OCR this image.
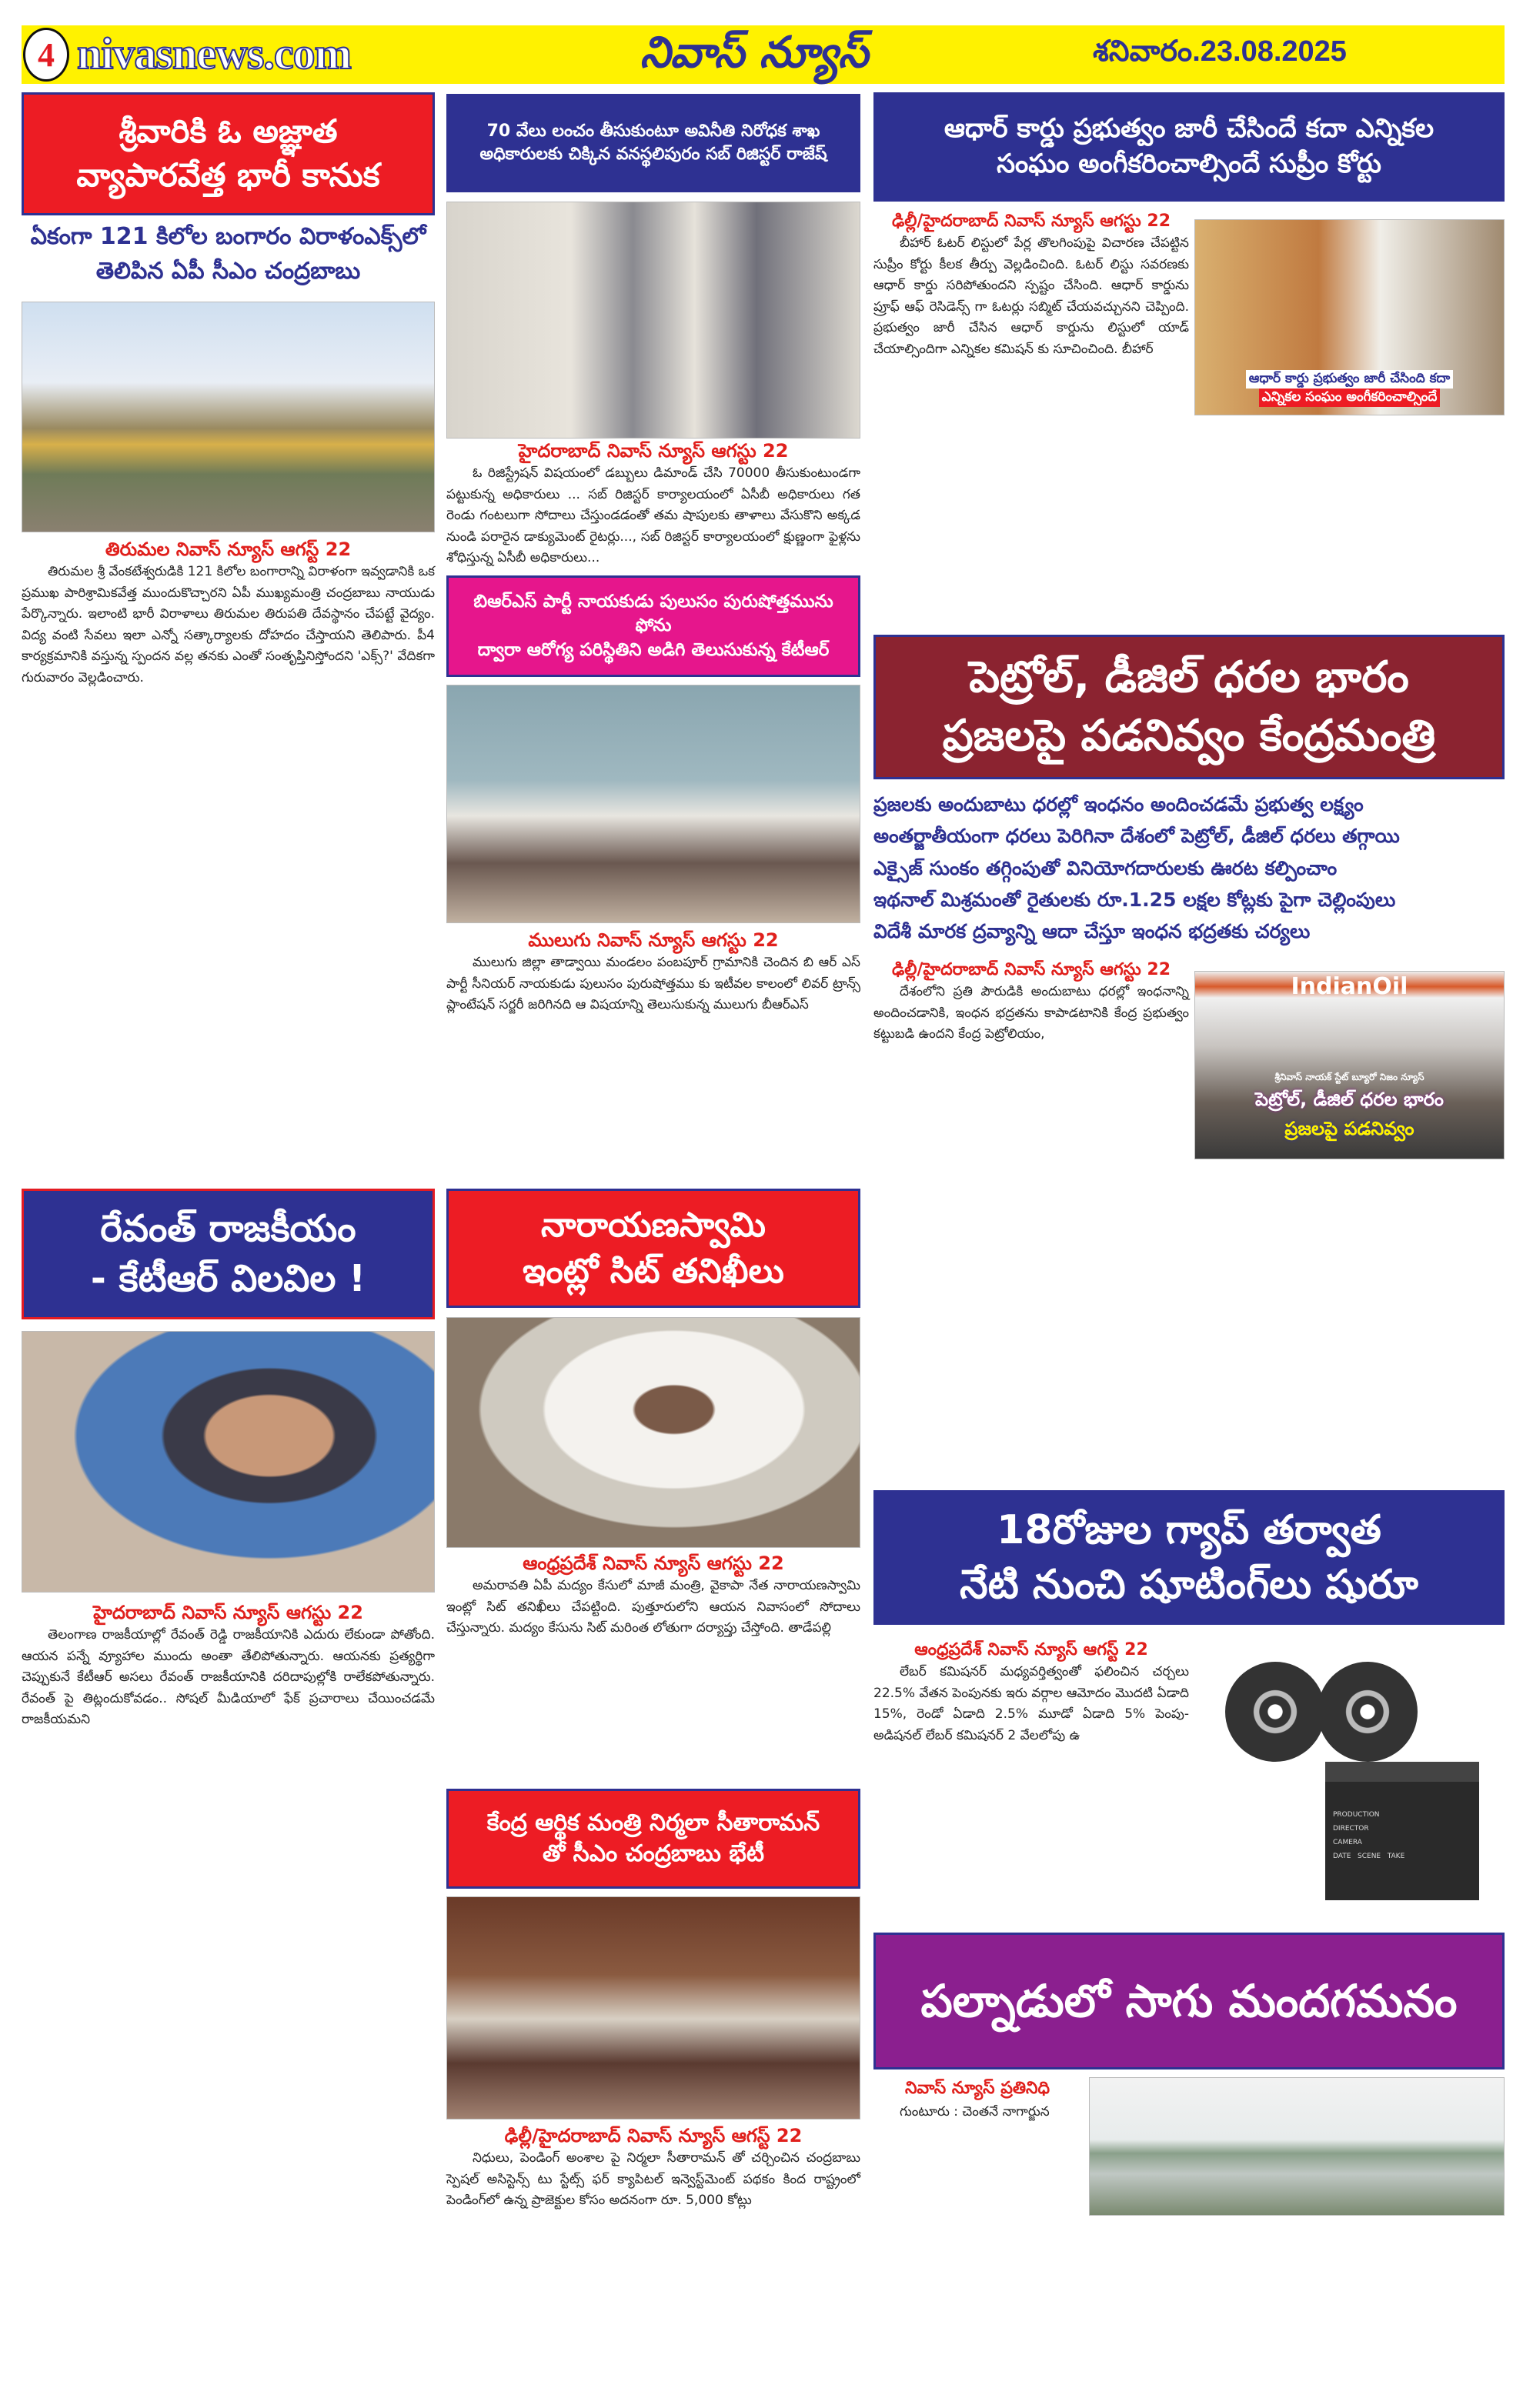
4 nivasnews.com	నివాస్ న్యూస్	శనివారం.23.08.2025
శ్రీవారికి ఓ అజ్ఞాత
వ్యాపారవేత్త భారీ కానుక
ఏకంగా 121 కిలోల బంగారం విరాళంఎక్స్‌లో
తెలిపిన ఏపీ సీఎం చంద్రబాబు
తిరుమల నివాస్ న్యూస్ ఆగస్ట్ 22
తిరుమల శ్రీ వేంకటేశ్వరుడికి 121 కిలోల బంగారాన్ని విరాళంగా ఇవ్వడానికి ఒక ప్రముఖ పారిశ్రామికవేత్త ముందుకొచ్చారని ఏపీ ముఖ్యమంత్రి చంద్రబాబు నాయుడు పేర్కొన్నారు. ఇలాంటి భారీ విరాళాలు తిరుమల తిరుపతి దేవస్థానం చేపట్టే వైద్యం. విద్య వంటి సేవలు ఇలా ఎన్నో సత్కార్యాలకు దోహదం చేస్తాయని తెలిపారు. పీ4 కార్యక్రమానికి వస్తున్న స్పందన వల్ల తనకు ఎంతో సంతృప్తినిస్తోందని 'ఎక్స్?' వేదికగా గురువారం వెల్లడించారు.
రేవంత్ రాజకీయం
- కేటీఆర్ విలవిల !
హైదరాబాద్ నివాస్ న్యూస్ ఆగస్టు 22
తెలంగాణ రాజకీయాల్లో రేవంత్ రెడ్డి రాజకీయానికి ఎదురు లేకుండా పోతోంది. ఆయన పన్నే వ్యూహాల ముందు అంతా తేలిపోతున్నారు. ఆయనకు ప్రత్యర్థిగా చెప్పుకునే కేటీఆర్ అసలు రేవంత్ రాజకీయానికి దరిదాపుల్లోకి రాలేకపోతున్నారు. రేవంత్ పై తిట్లందుకోవడం.. సోషల్ మీడియాలో ఫేక్ ప్రచారాలు చేయించడమే రాజకీయమని
70 వేలు లంచం తీసుకుంటూ అవినీతి నిరోధక శాఖ
అధికారులకు చిక్కిన వనస్థలిపురం సబ్ రిజిస్టర్ రాజేష్
హైదరాబాద్ నివాస్ న్యూస్ ఆగస్టు 22
ఓ రిజిస్ట్రేషన్ విషయంలో డబ్బులు డిమాండ్ చేసి 70000 తీసుకుంటుండగా పట్టుకున్న అధికారులు ... సబ్ రిజిస్టర్ కార్యాలయంలో ఏసీబీ అధికారులు గత రెండు గంటలుగా సోదాలు చేస్తుండడంతో తమ షాపులకు తాళాలు వేసుకొని అక్కడ నుండి పరారైన డాక్యుమెంట్ రైటర్లు..., సబ్ రిజిస్టర్ కార్యాలయంలో క్షుణ్ణంగా ఫైళ్లను శోధిస్తున్న ఏసీబీ అధికారులు...
బిఆర్ఎస్ పార్టీ నాయకుడు పులుసం పురుషోత్తమును ఫోను
ద్వారా ఆరోగ్య పరిస్థితిని అడిగి తెలుసుకున్న కేటీఆర్
ములుగు నివాస్ న్యూస్ ఆగస్టు 22
ములుగు జిల్లా తాడ్వాయి మండలం పంబపూర్ గ్రామానికి చెందిన బి ఆర్ ఎస్ పార్టీ సీనియర్ నాయకుడు పులుసం పురుషోత్తము కు ఇటీవల కాలంలో లివర్ ట్రాన్స్ ప్లాంటేషన్ సర్జరీ జరిగినది ఆ విషయాన్ని తెలుసుకున్న ములుగు బీఆర్ఎస్
నారాయణస్వామి
ఇంట్లో సిట్ తనిఖీలు
ఆంధ్రప్రదేశ్ నివాస్ న్యూస్ ఆగస్టు 22
అమరావతి ఏపీ మద్యం కేసులో మాజీ మంత్రి, వైకాపా నేత నారాయణస్వామి ఇంట్లో సిట్ తనిఖీలు చేపట్టింది. పుత్తూరులోని ఆయన నివాసంలో సోదాలు చేస్తున్నారు. మద్యం కేసును సిట్ మరింత లోతుగా దర్యాప్తు చేస్తోంది. తాడేపల్లి
కేంద్ర ఆర్థిక మంత్రి నిర్మలా సీతారామన్
తో సీఎం చంద్రబాబు భేటీ
ఢిల్లీ/హైదరాబాద్ నివాస్ న్యూస్ ఆగస్ట్ 22
నిధులు, పెండింగ్ అంశాల పై నిర్మలా సీతారామన్ తో చర్చించిన చంద్రబాబు స్పెషల్ అసిస్టెన్స్ టు స్టేట్స్ ఫర్ క్యాపిటల్ ఇన్వెస్ట్‌మెంట్ పథకం కింద రాష్ట్రంలో పెండింగ్‌లో ఉన్న ప్రాజెక్టుల కోసం అదనంగా రూ. 5,000 కోట్లు
ఆధార్ కార్డు ప్రభుత్వం జారీ చేసిందే కదా ఎన్నికల
సంఘం అంగీకరించాల్సిందే సుప్రీం కోర్టు
ఢిల్లీ/హైదరాబాద్ నివాస్ న్యూస్ ఆగస్టు 22
బీహార్ ఓటర్ లిస్టులో పేర్ల తొలగింపుపై విచారణ చేపట్టిన సుప్రీం కోర్టు కీలక తీర్పు వెల్లడించింది. ఓటర్ లిస్టు సవరణకు ఆధార్ కార్డు సరిపోతుందని స్పష్టం చేసింది. ఆధార్ కార్డును ప్రూఫ్ ఆఫ్ రెసిడెన్స్ గా ఓటర్లు సబ్మిట్ చేయవచ్చునని చెప్పింది. ప్రభుత్వం జారీ చేసిన ఆధార్ కార్డును లిస్టులో యాడ్ చేయాల్సిందిగా ఎన్నికల కమిషన్ కు సూచించింది. బీహార్
ఆధార్ కార్డు ప్రభుత్వం జారీ చేసింది కదా
ఎన్నికల సంఘం అంగీకరించాల్సిందే
పెట్రోల్, డీజిల్ ధరల భారం
ప్రజలపై పడనివ్వం కేంద్రమంత్రి
ప్రజలకు అందుబాటు ధరల్లో ఇంధనం అందించడమే ప్రభుత్వ లక్ష్యం
అంతర్జాతీయంగా ధరలు పెరిగినా దేశంలో పెట్రోల్, డీజిల్ ధరలు తగ్గాయి
ఎక్సైజ్ సుంకం తగ్గింపుతో వినియోగదారులకు ఊరట కల్పించాం
ఇథనాల్ మిశ్రమంతో రైతులకు రూ.1.25 లక్షల కోట్లకు పైగా చెల్లింపులు
విదేశీ మారక ద్రవ్యాన్ని ఆదా చేస్తూ ఇంధన భద్రతకు చర్యలు
ఢిల్లీ/హైదరాబాద్ నివాస్ న్యూస్ ఆగస్టు 22
దేశంలోని ప్రతి పౌరుడికి అందుబాటు ధరల్లో ఇంధనాన్ని అందించడానికి, ఇంధన భద్రతను కాపాడటానికి కేంద్ర ప్రభుత్వం కట్టుబడి ఉందని కేంద్ర పెట్రోలియం,
IndianOil
శ్రీనివాస్ నాయక్ స్టేట్ బ్యూరో నిజం న్యూస్
పెట్రోల్, డీజిల్ ధరల భారం
ప్రజలపై పడనివ్వం
18రోజుల గ్యాప్ తర్వాత
నేటి నుంచి షూటింగ్‌లు షురూ
ఆంధ్రప్రదేశ్ నివాస్ న్యూస్ ఆగస్ట్ 22
లేబర్ కమిషనర్ మధ్యవర్తిత్వంతో ఫలించిన చర్చలు 22.5% వేతన పెంపునకు ఇరు వర్గాల ఆమోదం మొదటి ఏడాది 15%, రెండో ఏడాది 2.5% మూడో ఏడాది 5% పెంపు-అడిషనల్ లేబర్ కమిషనర్ 2 వేలలోపు ఉ
PRODUCTION
DIRECTOR
CAMERA
DATE SCENE TAKE
పల్నాడులో సాగు మందగమనం
నివాస్ న్యూస్ ప్రతినిధి
గుంటూరు : చెంతనే నాగార్జున
